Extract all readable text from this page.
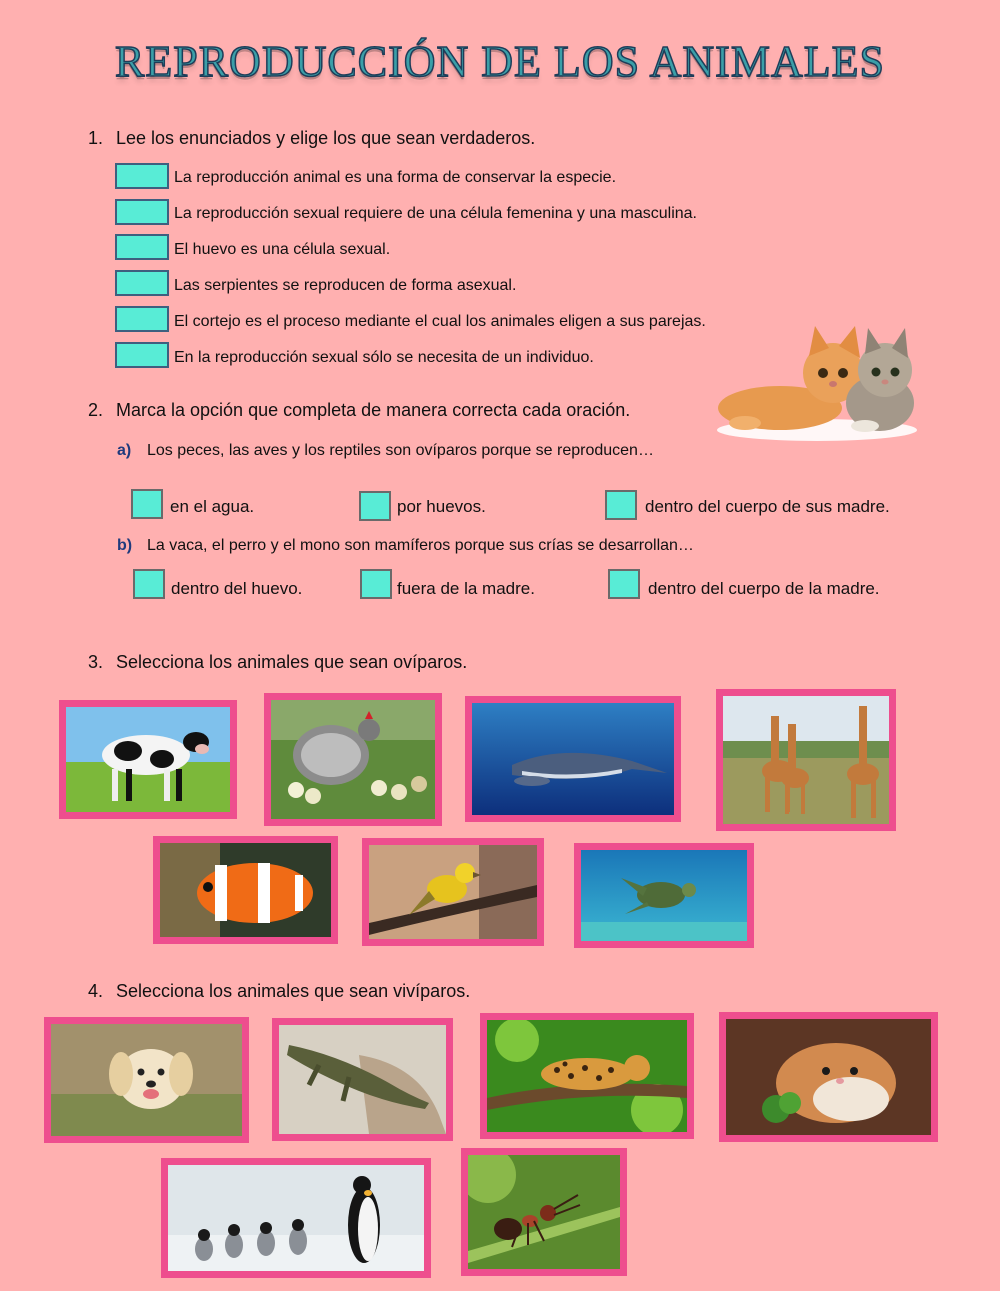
REPRODUCCIÓN DE LOS ANIMALES
1. Lee los enunciados y elige los que sean verdaderos.
La reproducción animal es una forma de conservar la especie.
La reproducción sexual requiere de una célula femenina y una masculina.
El huevo es una célula sexual.
Las serpientes se reproducen de forma asexual.
El cortejo es el proceso mediante el cual los animales eligen a sus parejas.
En la reproducción sexual sólo se necesita de un individuo.
2. Marca la opción que completa de manera correcta cada oración.
a) Los peces, las aves y los reptiles son ovíparos porque se reproducen…
en el agua.	por huevos.	dentro del cuerpo de sus madre.
b) La vaca, el perro y el mono son mamíferos porque sus crías se desarrollan…
dentro del huevo.	fuera de la madre.	dentro del cuerpo de la madre.
3. Selecciona los animales que sean ovíparos.
4. Selecciona los animales que sean vivíparos.
